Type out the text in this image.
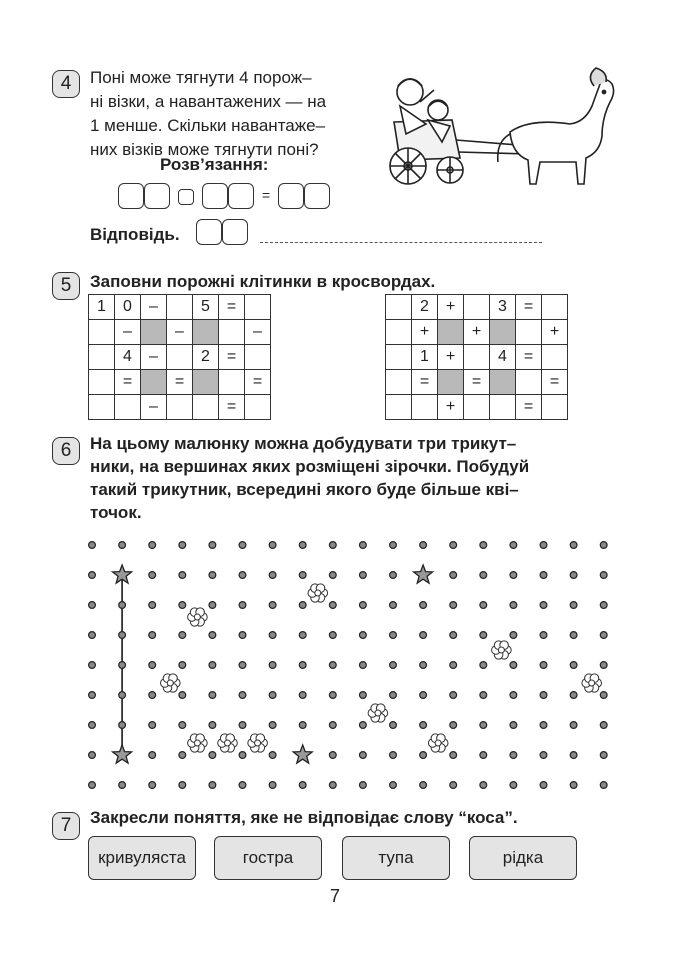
4	Поні може тягнути 4 порож–
ні візки, а навантажених — на
1 менше. Скільки навантаже–
них візків може тягнути поні?
Розв’язання:
=
Відповідь.
5	Заповни порожні клітинки в кросвордах.
1	0	–		5	=	
	–		–			–
	4	–		2	=	
	=		=			=
		–			=	
	2	+		3	=	
	+		+			+
	1	+		4	=	
	=		=			=
		+			=	
6	На цьому малюнку можна добудувати три трикут–
ники, на вершинах яких розміщені зірочки. Побудуй
такий трикутник, всередині якого буде більше кві–
точок.
7	Закресли поняття, яке не відповідає слову “коса”.
кривуляста	гостра	тупа	рідка
7
